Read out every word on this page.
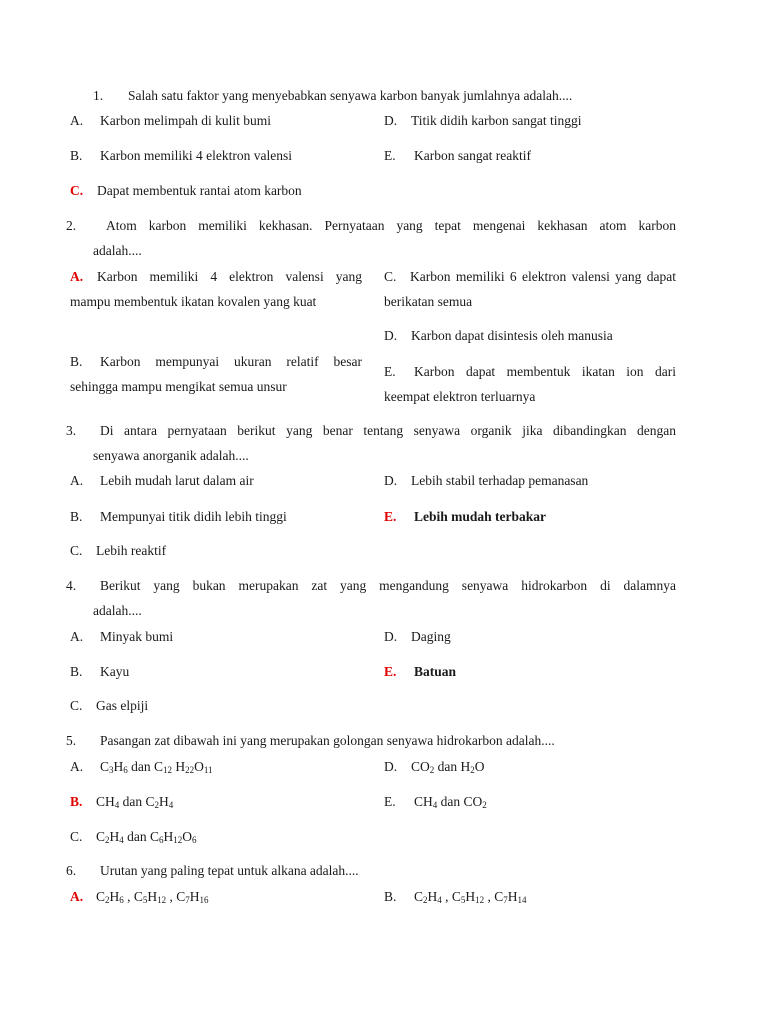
1. Salah satu faktor yang menyebabkan senyawa karbon banyak jumlahnya adalah....
A. Karbon melimpah di kulit bumi	D. Titik didih karbon sangat tinggi
B. Karbon memiliki 4 elektron valensi	E. Karbon sangat reaktif
C. Dapat membentuk rantai atom karbon
2. Atom karbon memiliki kekhasan. Pernyataan yang tepat mengenai kekhasan atom karbon
adalah....
A. Karbon memiliki 4 elektron valensi yang mampu membentuk ikatan kovalen yang kuat
C. Karbon memiliki 6 elektron valensi yang dapat berikatan semua
D. Karbon dapat disintesis oleh manusia
B. Karbon mempunyai ukuran relatif besar sehingga mampu mengikat semua unsur
E. Karbon dapat membentuk ikatan ion dari keempat elektron terluarnya
3. Di antara pernyataan berikut yang benar tentang senyawa organik jika dibandingkan dengan
senyawa anorganik adalah....
A. Lebih mudah larut dalam air	D. Lebih stabil terhadap pemanasan
B. Mempunyai titik didih lebih tinggi	E. Lebih mudah terbakar
C. Lebih reaktif
4. Berikut yang bukan merupakan zat yang mengandung senyawa hidrokarbon di dalamnya
adalah....
A. Minyak bumi	D. Daging
B. Kayu	E. Batuan
C. Gas elpiji
5. Pasangan zat dibawah ini yang merupakan golongan senyawa hidrokarbon adalah....
A. $C_3H_6$ dan $C_{12}$ $H_{22}O_{11}$	D. $CO_2$ dan $H_2O$
B. $CH_4$ dan $C_2H_4$	E. $CH_4$ dan $CO_2$
C. $C_2H_4$ dan $C_6H_{12}O_6$
6. Urutan yang paling tepat untuk alkana adalah....
A. $C_2H_6$ , $C_5H_{12}$ , $C_7H_{16}$	B. $C_2H_4$ , $C_5H_{12}$ , $C_7H_{14}$
